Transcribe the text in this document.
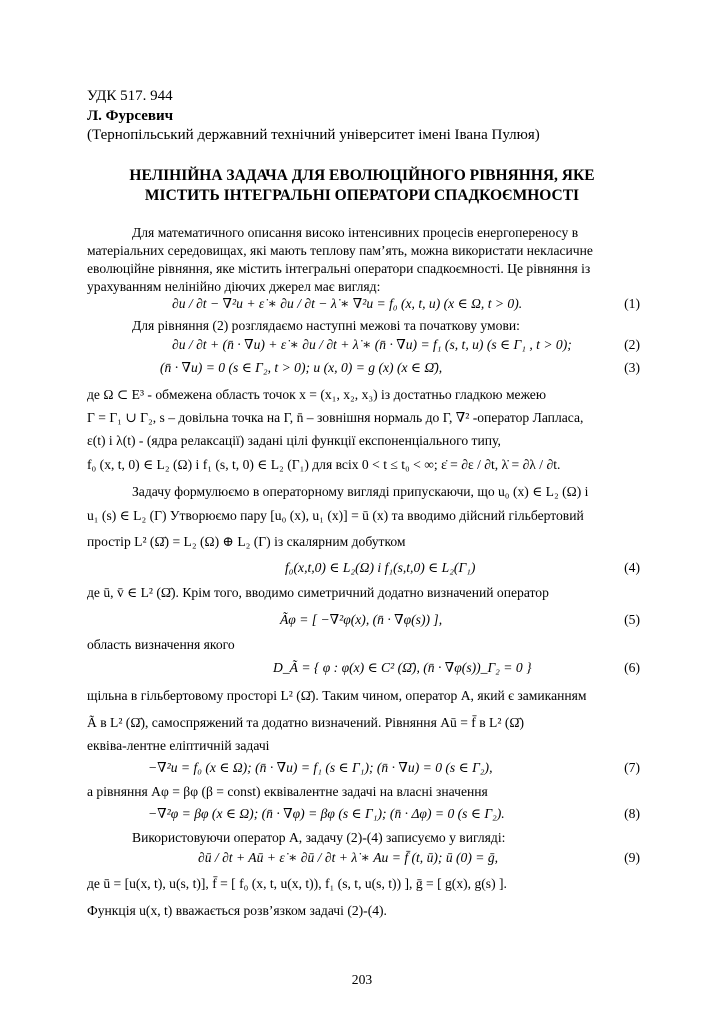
УДК 517. 944
Л. Фурсевич
(Тернопільський державний технічний університет імені Івана Пулюя)
НЕЛІНІЙНА ЗАДАЧА ДЛЯ ЕВОЛЮЦІЙНОГО РІВНЯННЯ, ЯКЕ
МІСТИТЬ ІНТЕГРАЛЬНІ ОПЕРАТОРИ СПАДКОЄМНОСТІ
Для математичного описання високо інтенсивних процесів енергопереносу в
матеріальних середовищах, які мають теплову пам’ять, можна використати некласичне
еволюційне рівняння, яке містить інтегральні оператори спадкоємності. Це рівняння із
урахуванням нелінійно діючих джерел має вигляд:
∂u / ∂t − ∇²u + ε̇ ∗ ∂u / ∂t − λ̇ ∗ ∇²u = f₀ (x, t, u) (x ∈ Ω, t > 0).	(1)
Для рівняння (2) розглядаємо наступні межові та початкову умови:
∂u / ∂t + (n̄ · ∇u) + ε̇ ∗ ∂u / ∂t + λ̇ ∗ (n̄ · ∇u) = f₁ (s, t, u) (s ∈ Γ₁ , t > 0);	(2)
(n̄ · ∇u) = 0 (s ∈ Γ₂, t > 0); u (x, 0) = g (x) (x ∈ Ω̄),	(3)
де Ω ⊂ E³ - обмежена область точок x = (x₁, x₂, x₃) із достатньо гладкою межею
Γ = Γ₁ ∪ Γ₂, s – довільна точка на Γ, n̄ – зовнішня нормаль до Γ, ∇² -оператор Лапласа,
ε(t) і λ(t) - (ядра релаксації) задані цілі функції експоненціального типу,
f₀ (x, t, 0) ∈ L₂ (Ω) і f₁ (s, t, 0) ∈ L₂ (Γ₁) для всіх 0 < t ≤ t₀ < ∞; ε̇ = ∂ε / ∂t, λ̇ = ∂λ / ∂t.
Задачу формулюємо в операторному вигляді припускаючи, що u₀ (x) ∈ L₂ (Ω) і
u₁ (s) ∈ L₂ (Γ) Утворюємо пару [u₀ (x), u₁ (x)] = ū (x) та вводимо дійсний гільбертовий
простір L² (Ω̄) = L₂ (Ω) ⊕ L₂ (Γ) із скалярним добутком
f₀(x,t,0) ∈ L₂(Ω) і f₁(s,t,0) ∈ L₂(Γ₁)	(4)
де ū, v̄ ∈ L² (Ω̄). Крім того, вводимо симетричний додатно визначений оператор
Ãφ = [ −∇²φ(x), (n̄ · ∇φ(s)) ],	(5)
область визначення якого
D_Ã = { φ : φ(x) ∈ C² (Ω̄), (n̄ · ∇φ(s))_Γ₂ = 0 }	(6)
щільна в гільбертовому просторі L² (Ω̄). Таким чином, оператор А, який є замиканням
Ã в L² (Ω̄), самоспряжений та додатно визначений. Рівняння Aū = f̄ в L² (Ω̄)
еквіва-лентне еліптичній задачі
−∇²u = f₀ (x ∈ Ω); (n̄ · ∇u) = f₁ (s ∈ Γ₁); (n̄ · ∇u) = 0 (s ∈ Γ₂),	(7)
а рівняння Aφ = βφ (β = const) еквівалентне задачі на власні значення
−∇²φ = βφ (x ∈ Ω); (n̄ · ∇φ) = βφ (s ∈ Γ₁); (n̄ · Δφ) = 0 (s ∈ Γ₂).	(8)
Використовуючи оператор А, задачу (2)-(4) записуємо у вигляді:
∂ū / ∂t + Aū + ε̇ ∗ ∂ū / ∂t + λ̇ ∗ Au = f̄ (t, ū); ū (0) = ḡ,	(9)
де ū = [u(x, t), u(s, t)], f̄ = [ f₀ (x, t, u(x, t)), f₁ (s, t, u(s, t)) ], ḡ = [ g(x), g(s) ].
Функція u(x, t) вважається розв’язком задачі (2)-(4).
203
